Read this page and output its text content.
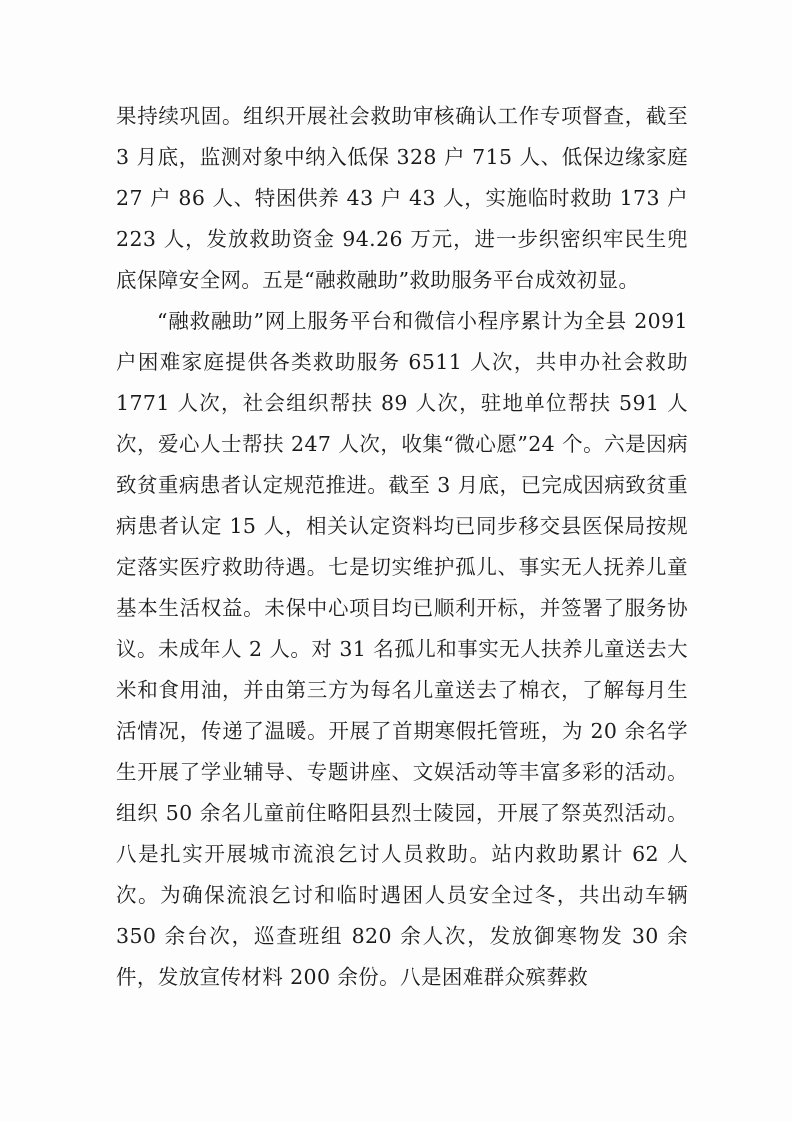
果持续巩固。组织开展社会救助审核确认工作专项督查，截至 3 月底，监测对象中纳入低保 328 户 715 人、低保边缘家庭 27 户 86 人、特困供养 43 户 43 人，实施临时救助 173 户 223 人，发放救助资金 94.26 万元，进一步织密织牢民生兜底保障安全网。五是“融救融助”救助服务平台成效初显。

“融救融助”网上服务平台和微信小程序累计为全县 2091 户困难家庭提供各类救助服务 6511 人次，共申办社会救助 1771 人次，社会组织帮扶 89 人次，驻地单位帮扶 591 人次，爱心人士帮扶 247 人次，收集“微心愿”24 个。六是因病致贫重病患者认定规范推进。截至 3 月底，已完成因病致贫重病患者认定 15 人，相关认定资料均已同步移交县医保局按规定落实医疗救助待遇。七是切实维护孤儿、事实无人抚养儿童基本生活权益。未保中心项目均已顺利开标，并签署了服务协议。未成年人 2 人。对 31 名孤儿和事实无人扶养儿童送去大米和食用油，并由第三方为每名儿童送去了棉衣，了解每月生活情况，传递了温暖。开展了首期寒假托管班，为 20 余名学生开展了学业辅导、专题讲座、文娱活动等丰富多彩的活动。组织 50 余名儿童前住略阳县烈士陵园，开展了祭英烈活动。八是扎实开展城市流浪乞讨人员救助。站内救助累计 62 人次。为确保流浪乞讨和临时遇困人员安全过冬，共出动车辆 350 余台次，巡查班组 820 余人次，发放御寒物发 30 余件，发放宣传材料 200 余份。八是困难群众殡葬救
